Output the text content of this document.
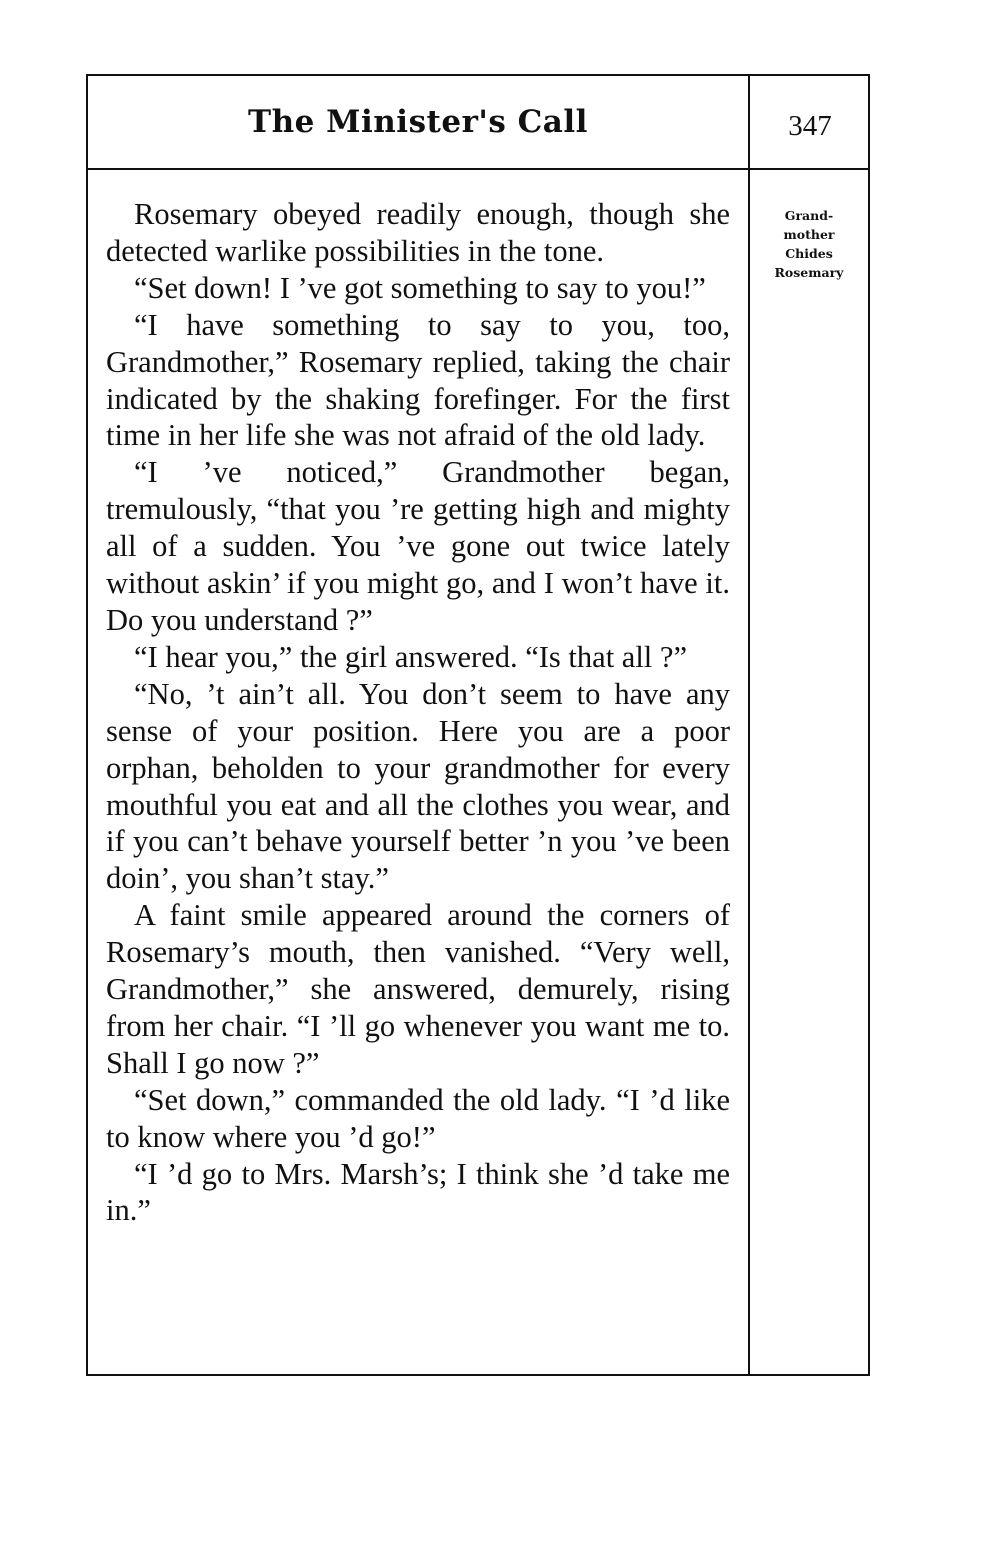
The Minister's Call	347

Rosemary obeyed readily enough, though she detected warlike possibilities in the tone.

“Set down! I ’ve got something to say to you!”

“I have something to say to you, too, Grandmother,” Rosemary replied, taking the chair indicated by the shaking forefinger. For the first time in her life she was not afraid of the old lady.

“I ’ve noticed,” Grandmother began, tremulously, “that you ’re getting high and mighty all of a sudden. You ’ve gone out twice lately without askin’ if you might go, and I won’t have it. Do you understand ?”

“I hear you,” the girl answered. “Is that all ?”

“No, ’t ain’t all. You don’t seem to have any sense of your position. Here you are a poor orphan, beholden to your grandmother for every mouthful you eat and all the clothes you wear, and if you can’t behave yourself better ’n you ’ve been doin’, you shan’t stay.”

A faint smile appeared around the corners of Rosemary’s mouth, then vanished. “Very well, Grandmother,” she answered, demurely, rising from her chair. “I ’ll go whenever you want me to. Shall I go now ?”

“Set down,” commanded the old lady. “I ’d like to know where you ’d go!”

“I ’d go to Mrs. Marsh’s; I think she ’d take me in.”

Grand-
mother
Chides
Rosemary
